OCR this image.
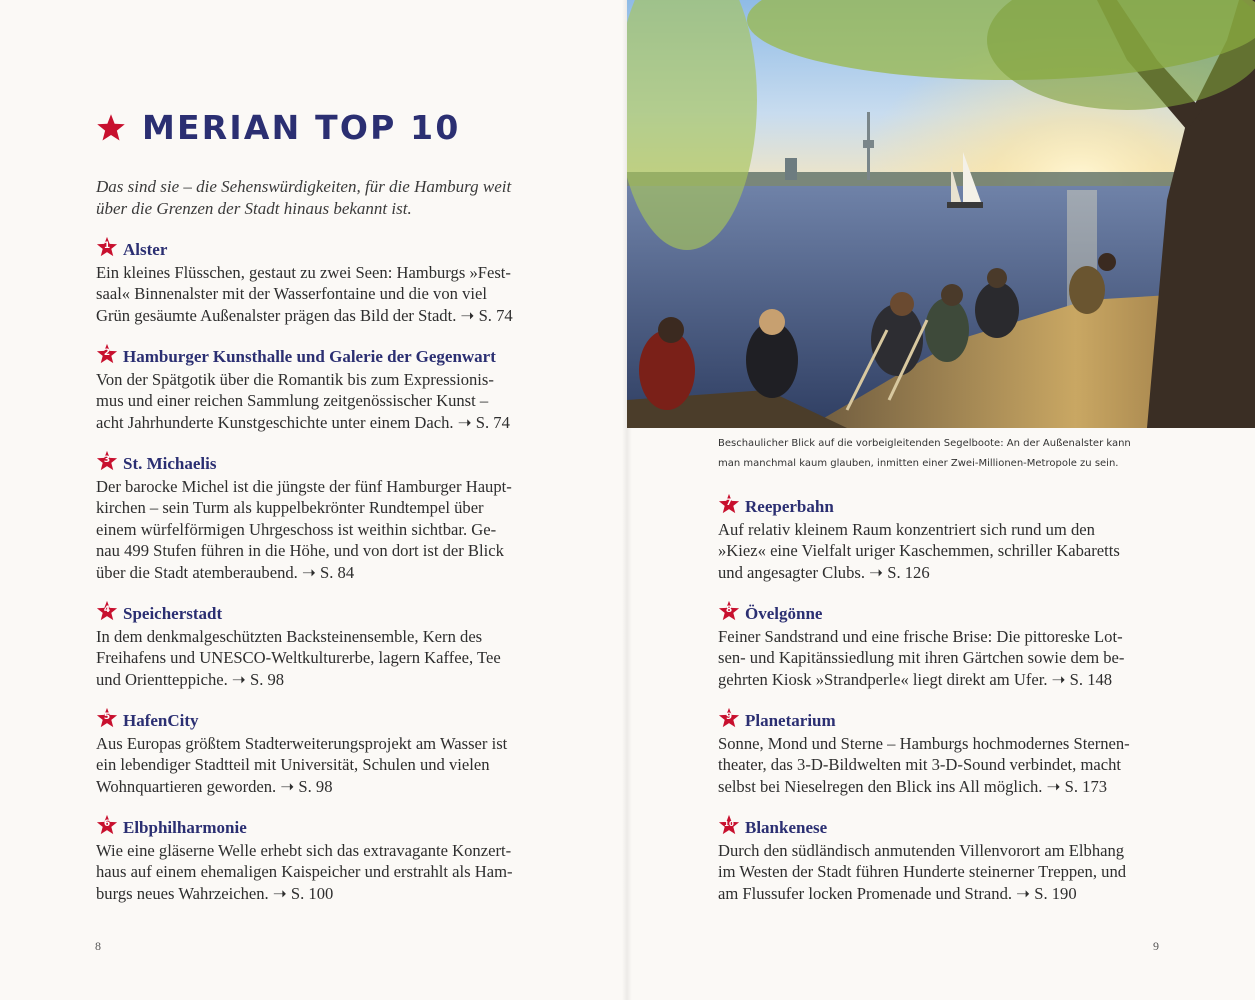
MERIAN TOP 10
Das sind sie – die Sehenswürdigkeiten, für die Hamburg weit
über die Grenzen der Stadt hinaus bekannt ist.
1 Alster
Ein kleines Flüsschen, gestaut zu zwei Seen: Hamburgs »Fest-
saal« Binnenalster mit der Wasserfontaine und die von viel
Grün gesäumte Außenalster prägen das Bild der Stadt. ➝ S. 74
2 Hamburger Kunsthalle und Galerie der Gegenwart
Von der Spätgotik über die Romantik bis zum Expressionis-
mus und einer reichen Sammlung zeitgenössischer Kunst –
acht Jahrhunderte Kunstgeschichte unter einem Dach. ➝ S. 74
3 St. Michaelis
Der barocke Michel ist die jüngste der fünf Hamburger Haupt-
kirchen – sein Turm als kuppelbekrönter Rundtempel über
einem würfelförmigen Uhrgeschoss ist weithin sichtbar. Ge-
nau 499 Stufen führen in die Höhe, und von dort ist der Blick
über die Stadt atemberaubend. ➝ S. 84
4 Speicherstadt
In dem denkmalgeschützten Backsteinensemble, Kern des
Freihafens und UNESCO-Weltkulturerbe, lagern Kaffee, Tee
und Orientteppiche. ➝ S. 98
5 HafenCity
Aus Europas größtem Stadterweiterungsprojekt am Wasser ist
ein lebendiger Stadtteil mit Universität, Schulen und vielen
Wohnquartieren geworden. ➝ S. 98
6 Elbphilharmonie
Wie eine gläserne Welle erhebt sich das extravagante Konzert-
haus auf einem ehemaligen Kaispeicher und erstrahlt als Ham-
burgs neues Wahrzeichen. ➝ S. 100
8
Beschaulicher Blick auf die vorbeigleitenden Segelboote: An der Außenalster kann
man manchmal kaum glauben, inmitten einer Zwei-Millionen-Metropole zu sein.
7 Reeperbahn
Auf relativ kleinem Raum konzentriert sich rund um den
»Kiez« eine Vielfalt uriger Kaschemmen, schriller Kabaretts
und angesagter Clubs. ➝ S. 126
8 Övelgönne
Feiner Sandstrand und eine frische Brise: Die pittoreske Lot-
sen- und Kapitänssiedlung mit ihren Gärtchen sowie dem be-
gehrten Kiosk »Strandperle« liegt direkt am Ufer. ➝ S. 148
9 Planetarium
Sonne, Mond und Sterne – Hamburgs hochmodernes Sternen-
theater, das 3-D-Bildwelten mit 3-D-Sound verbindet, macht
selbst bei Nieselregen den Blick ins All möglich. ➝ S. 173
10 Blankenese
Durch den südländisch anmutenden Villenvorort am Elbhang
im Westen der Stadt führen Hunderte steinerner Treppen, und
am Flussufer locken Promenade und Strand. ➝ S. 190
9
